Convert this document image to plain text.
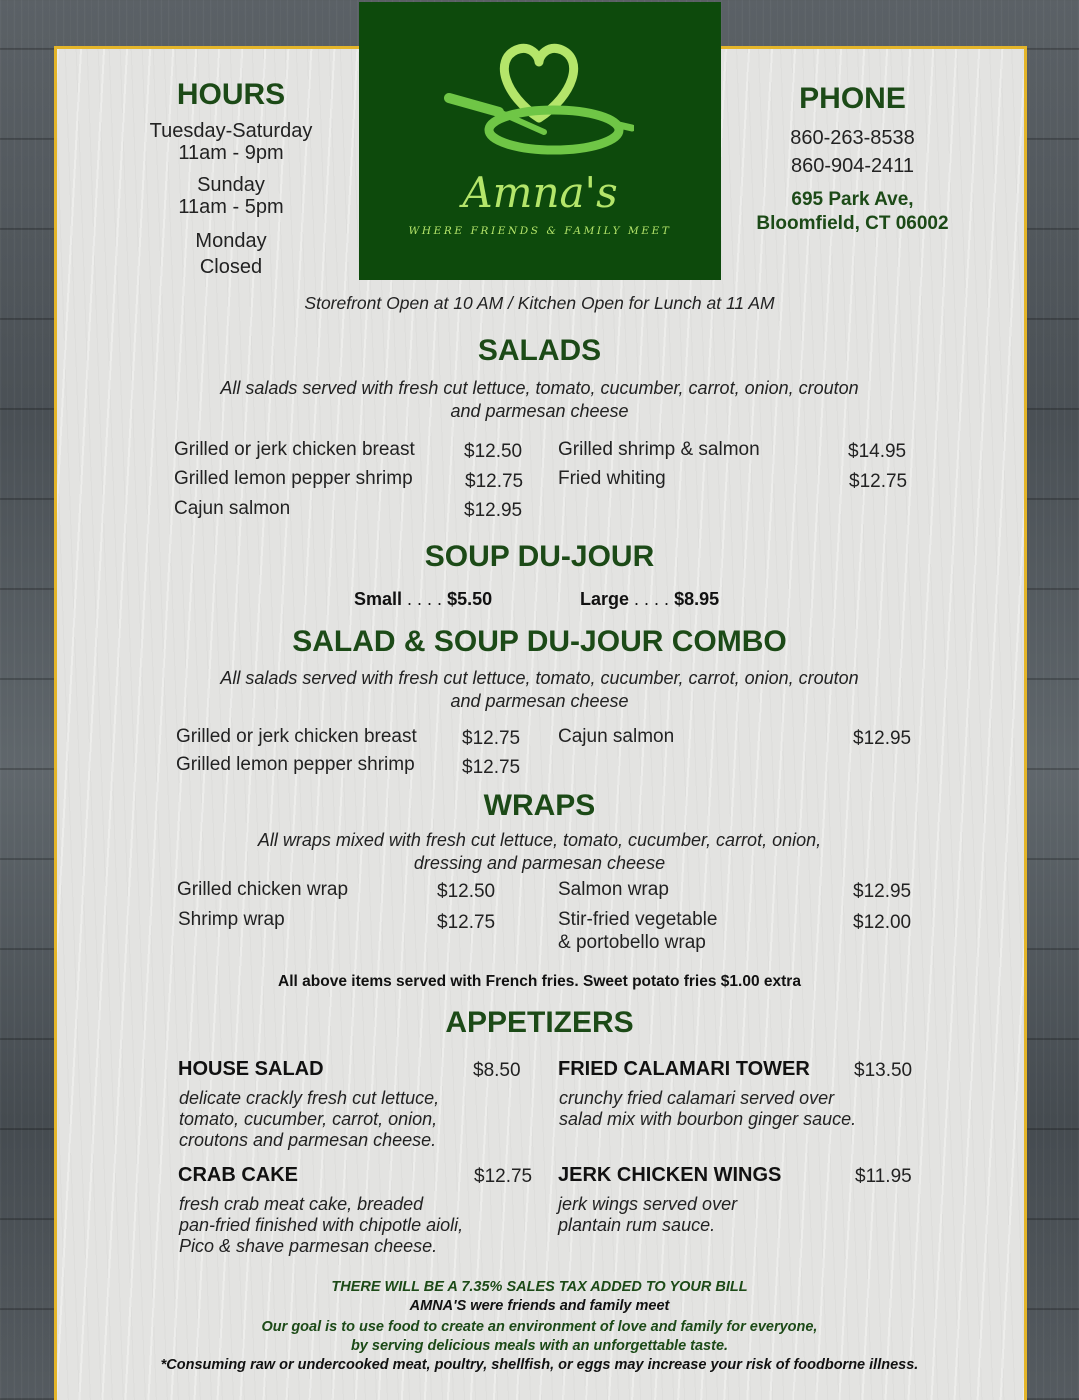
Amna's
WHERE FRIENDS & FAMILY MEET
HOURS
Tuesday-Saturday
11am - 9pm
Sunday
11am - 5pm
Monday
Closed
PHONE
860-263-8538
860-904-2411
695 Park Ave,
Bloomfield, CT 06002
Storefront Open at 10 AM / Kitchen Open for Lunch at 11 AM
SALADS
All salads served with fresh cut lettuce, tomato, cucumber, carrot, onion, crouton
and parmesan cheese
Grilled or jerk chicken breast	$12.50
Grilled lemon pepper shrimp	$12.75
Cajun salmon	$12.95
Grilled shrimp & salmon	$14.95
Fried whiting	$12.75
SOUP DU-JOUR
Small . . . . $5.50	Large . . . . $8.95
SALAD & SOUP DU-JOUR COMBO
All salads served with fresh cut lettuce, tomato, cucumber, carrot, onion, crouton
and parmesan cheese
Grilled or jerk chicken breast $12.75
Grilled lemon pepper shrimp $12.75
Cajun salmon	$12.95
WRAPS
All wraps mixed with fresh cut lettuce, tomato, cucumber, carrot, onion,
dressing and parmesan cheese
Grilled chicken wrap	$12.50
Shrimp wrap	$12.75
Salmon wrap	$12.95
Stir-fried vegetable
& portobello wrap
$12.00
All above items served with French fries. Sweet potato fries $1.00 extra
APPETIZERS
HOUSE SALAD	$8.50
delicate crackly fresh cut lettuce,
tomato, cucumber, carrot, onion,
croutons and parmesan cheese.
FRIED CALAMARI TOWER $13.50
crunchy fried calamari served over
salad mix with bourbon ginger sauce.
CRAB CAKE	$12.75
fresh crab meat cake, breaded
pan-fried finished with chipotle aioli,
Pico & shave parmesan cheese.
JERK CHICKEN WINGS	$11.95
jerk wings served over
plantain rum sauce.
THERE WILL BE A 7.35% SALES TAX ADDED TO YOUR BILL
AMNA'S were friends and family meet
Our goal is to use food to create an environment of love and family for everyone,
by serving delicious meals with an unforgettable taste.
*Consuming raw or undercooked meat, poultry, shellfish, or eggs may increase your risk of foodborne illness.
